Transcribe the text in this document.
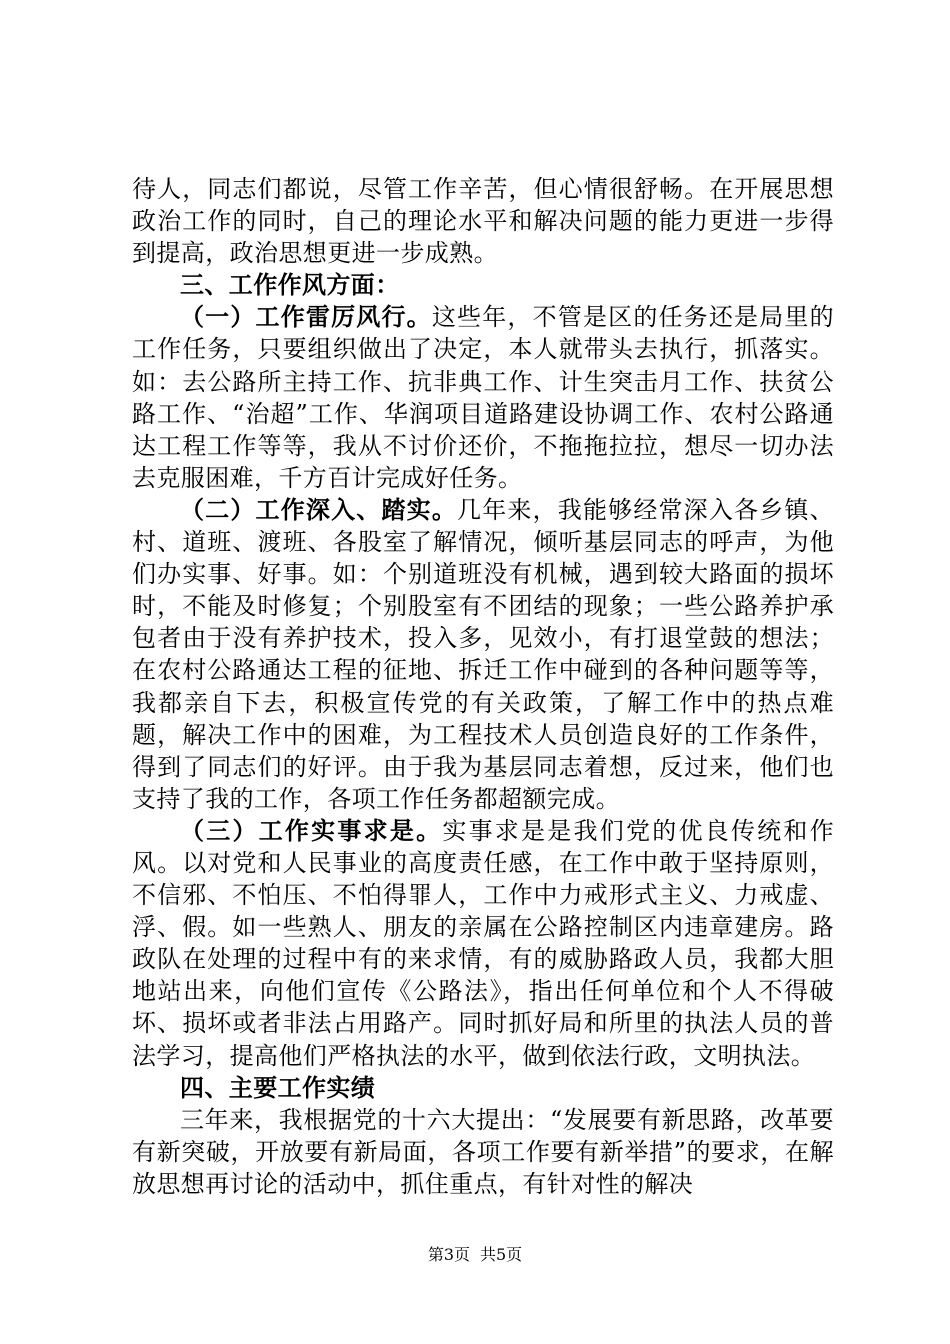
待人，同志们都说，尽管工作辛苦，但心情很舒畅。在开展思想政治工作的同时，自己的理论水平和解决问题的能力更进一步得到提高，政治思想更进一步成熟。

三、工作作风方面：

（一）工作雷厉风行。这些年，不管是区的任务还是局里的工作任务，只要组织做出了决定，本人就带头去执行，抓落实。如：去公路所主持工作、抗非典工作、计生突击月工作、扶贫公路工作、“治超”工作、华润项目道路建设协调工作、农村公路通达工程工作等等，我从不讨价还价，不拖拖拉拉，想尽一切办法去克服困难，千方百计完成好任务。

（二）工作深入、踏实。几年来，我能够经常深入各乡镇、村、道班、渡班、各股室了解情况，倾听基层同志的呼声，为他们办实事、好事。如：个别道班没有机械，遇到较大路面的损坏时，不能及时修复；个别股室有不团结的现象；一些公路养护承包者由于没有养护技术，投入多，见效小，有打退堂鼓的想法；在农村公路通达工程的征地、拆迁工作中碰到的各种问题等等，我都亲自下去，积极宣传党的有关政策，了解工作中的热点难题，解决工作中的困难，为工程技术人员创造良好的工作条件，得到了同志们的好评。由于我为基层同志着想，反过来，他们也支持了我的工作，各项工作任务都超额完成。

（三）工作实事求是。实事求是是我们党的优良传统和作风。以对党和人民事业的高度责任感，在工作中敢于坚持原则，不信邪、不怕压、不怕得罪人，工作中力戒形式主义、力戒虚、浮、假。如一些熟人、朋友的亲属在公路控制区内违章建房。路政队在处理的过程中有的来求情，有的威胁路政人员，我都大胆地站出来，向他们宣传《公路法》，指出任何单位和个人不得破坏、损坏或者非法占用路产。同时抓好局和所里的执法人员的普法学习，提高他们严格执法的水平，做到依法行政，文明执法。

四、主要工作实绩

三年来，我根据党的十六大提出：“发展要有新思路，改革要有新突破，开放要有新局面，各项工作要有新举措”的要求，在解放思想再讨论的活动中，抓住重点，有针对性的解决

第3页 共5页
